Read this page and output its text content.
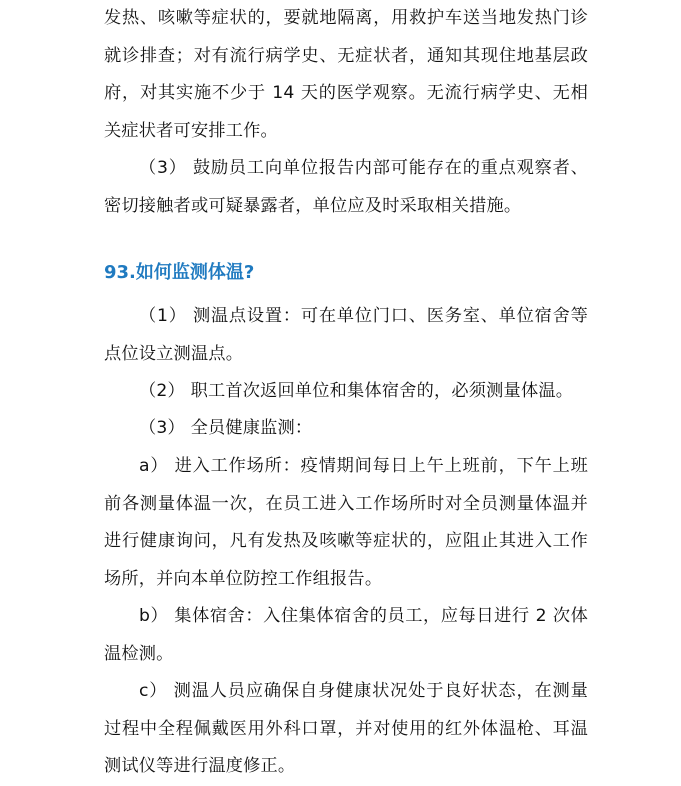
发热、咳嗽等症状的，要就地隔离，用救护车送当地发热门诊就诊排查；对有流行病学史、无症状者，通知其现住地基层政府，对其实施不少于 14 天的医学观察。无流行病学史、无相关症状者可安排工作。
（3） 鼓励员工向单位报告内部可能存在的重点观察者、密切接触者或可疑暴露者，单位应及时采取相关措施。
93.如何监测体温?
（1） 测温点设置：可在单位门口、医务室、单位宿舍等点位设立测温点。
（2） 职工首次返回单位和集体宿舍的，必须测量体温。
（3） 全员健康监测：
a） 进入工作场所：疫情期间每日上午上班前，下午上班前各测量体温一次，在员工进入工作场所时对全员测量体温并进行健康询问，凡有发热及咳嗽等症状的，应阻止其进入工作场所，并向本单位防控工作组报告。
b） 集体宿舍：入住集体宿舍的员工，应每日进行 2 次体温检测。
c） 测温人员应确保自身健康状况处于良好状态，在测量过程中全程佩戴医用外科口罩，并对使用的红外体温枪、耳温测试仪等进行温度修正。
